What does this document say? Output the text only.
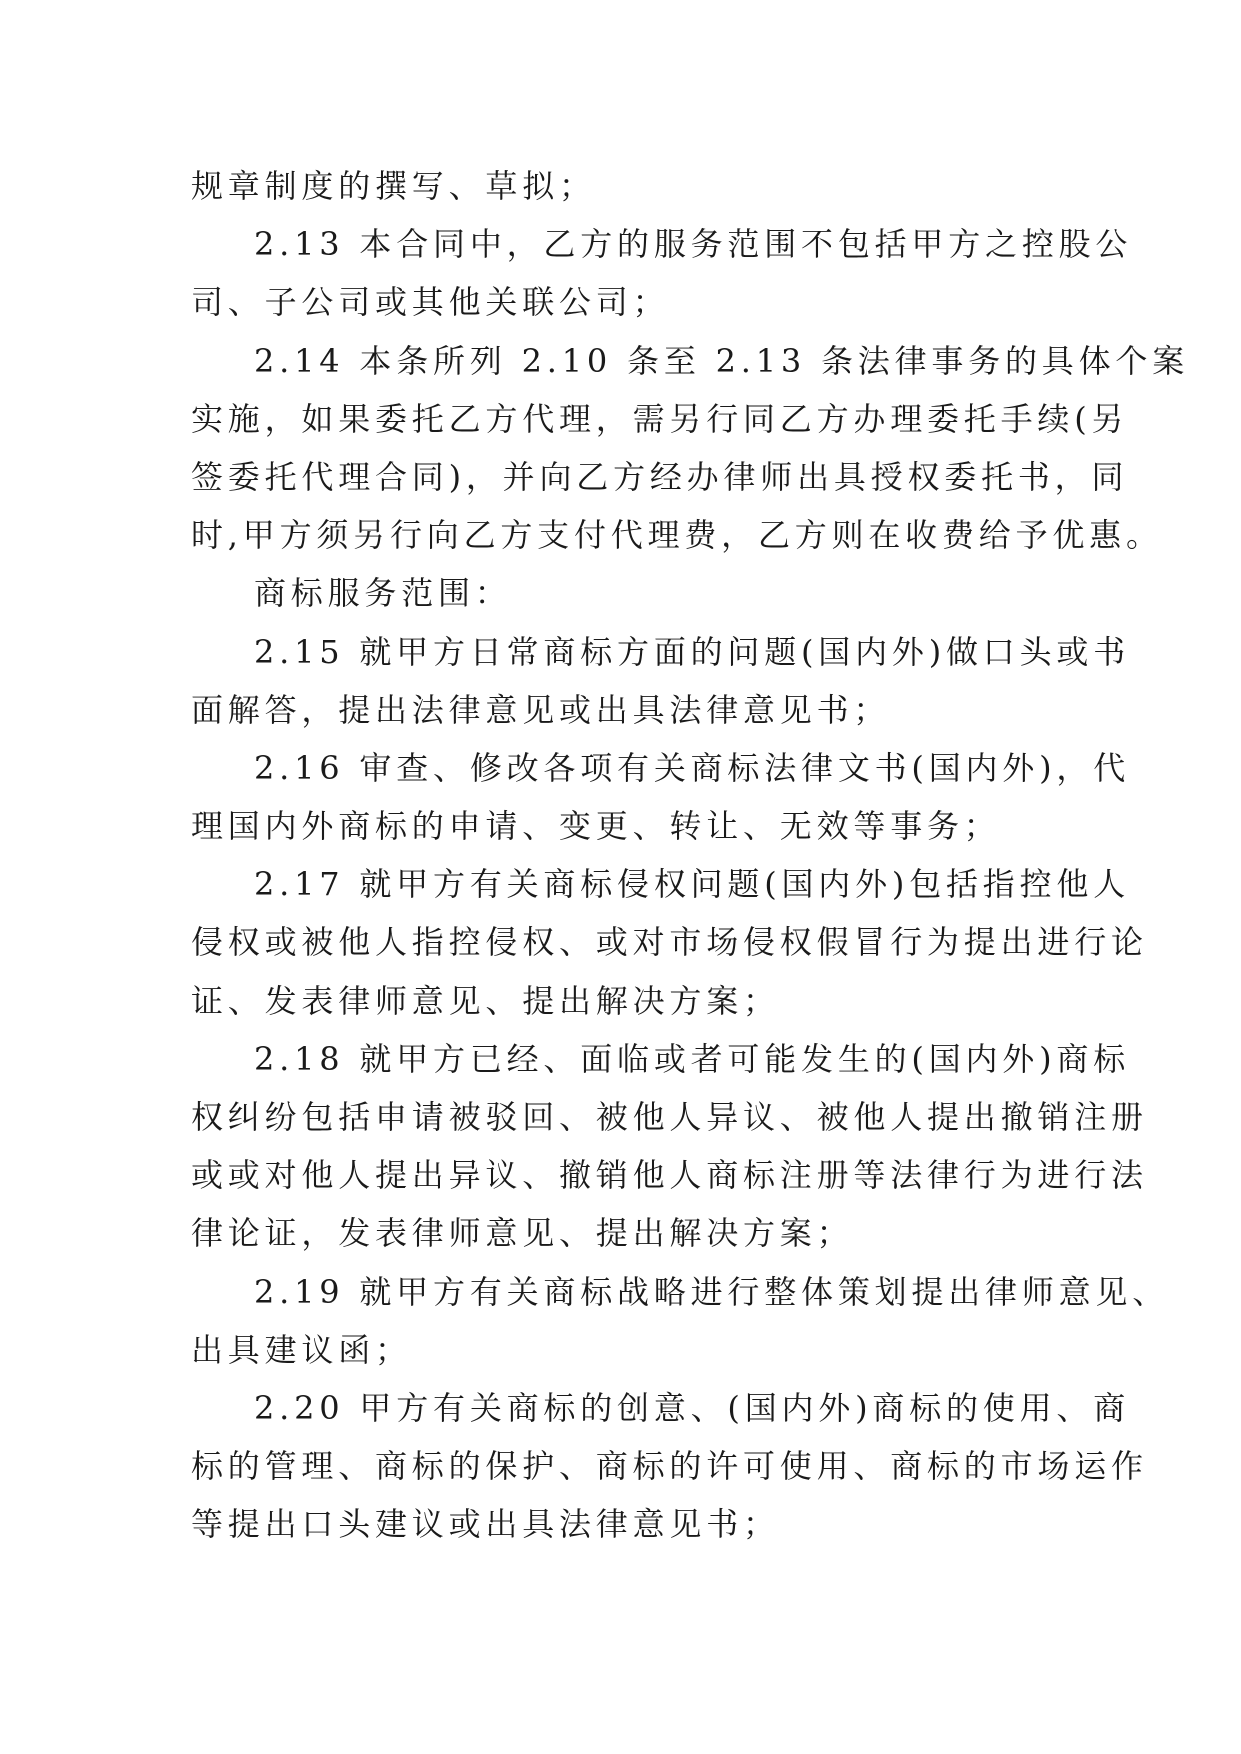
规章制度的撰写、草拟；
2.13 本合同中，乙方的服务范围不包括甲方之控股公
司、子公司或其他关联公司；
2.14 本条所列 2.10 条至 2.13 条法律事务的具体个案
实施，如果委托乙方代理，需另行同乙方办理委托手续(另
签委托代理合同)，并向乙方经办律师出具授权委托书，同
时,甲方须另行向乙方支付代理费，乙方则在收费给予优惠。
商标服务范围：
2.15 就甲方日常商标方面的问题(国内外)做口头或书
面解答，提出法律意见或出具法律意见书；
2.16 审查、修改各项有关商标法律文书(国内外)，代
理国内外商标的申请、变更、转让、无效等事务；
2.17 就甲方有关商标侵权问题(国内外)包括指控他人
侵权或被他人指控侵权、或对市场侵权假冒行为提出进行论
证、发表律师意见、提出解决方案；
2.18 就甲方已经、面临或者可能发生的(国内外)商标
权纠纷包括申请被驳回、被他人异议、被他人提出撤销注册
或或对他人提出异议、撤销他人商标注册等法律行为进行法
律论证，发表律师意见、提出解决方案；
2.19 就甲方有关商标战略进行整体策划提出律师意见、
出具建议函；
2.20 甲方有关商标的创意、(国内外)商标的使用、商
标的管理、商标的保护、商标的许可使用、商标的市场运作
等提出口头建议或出具法律意见书；
